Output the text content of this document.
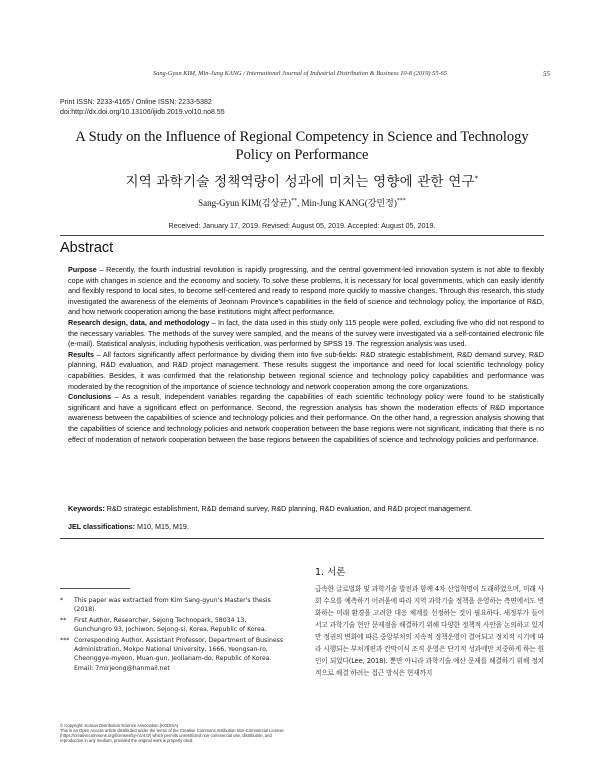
Sang-Gyun KIM, Min-Jung KANG / International Journal of Industrial Distribution & Business 10-8 (2019) 55-65	55
Print ISSN: 2233-4165 / Online ISSN: 2233-5382
doi:http://dx.doi.org/10.13106/ijidb.2019.vol10.no8.55
A Study on the Influence of Regional Competency in Science and Technology Policy on Performance
지역 과학기술 정책역량이 성과에 미치는 영향에 관한 연구*
Sang-Gyun KIM(김상균)**, Min-Jung KANG(강민정)***
Received: January 17, 2019. Revised: August 05, 2019. Accepted: August 05, 2019.
Abstract

Purpose – Recently, the fourth industrial revolution is rapidly progressing, and the central government-led innovation system is not able to flexibly cope with changes in science and the economy and society. To solve these problems, it is necessary for local governments, which can easily identify and flexibly respond to local sites, to become self-centered and ready to respond more quickly to massive changes. Through this research, this study investigated the awareness of the elements of Jeonnam Province's capabilities in the field of science and technology policy, the importance of R&D, and how network cooperation among the base institutions might affect performance.

Research design, data, and methodology – In fact, the data used in this study only 115 people were polled, excluding five who did not respond to the necessary variables. The methods of the survey were sampled, and the means of the survey were investigated via a self-contained electronic file (e-mail). Statistical analysis, including hypothesis verification, was performed by SPSS 19. The regression analysis was used.

Results – All factors significantly affect performance by dividing them into five sub-fields: R&D strategic establishment, R&D demand survey, R&D planning, R&D evaluation, and R&D project management. These results suggest the importance and need for local scientific technology policy capabilities. Besides, it was confirmed that the relationship between regional science and technology policy capabilities and performance was moderated by the recognition of the importance of science technology and network cooperation among the core organizations.

Conclusions – As a result, independent variables regarding the capabilities of each scientific technology policy were found to be statistically significant and have a significant effect on performance. Second, the regression analysis has shown the moderation effects of R&D importance awareness between the capabilities of science and technology policies and their performance. On the other hand, a regression analysis showing that the capabilities of science and technology policies and network cooperation between the base regions were not significant, indicating that there is no effect of moderation of network cooperation between the base regions between the capabilities of science and technology policies and performance.

Keywords: R&D strategic establishment, R&D demand survey, R&D planning, R&D evaluation, and R&D project management.
JEL classifications: M10, M15, M19.
1. 서론
급속한 글로벌화 및 과학기술 발전과 함께 4차 산업혁명이 도래하였으며, 미래 사회 수요를 예측하기 어려움에 따라 지역 과학기술 정책을 운영하는 측면에서도 변화하는 미래 환경을 고려한 대응 체계를 선정하는 것이 필요하다. 새정부가 들어서고 과학기술 현안 문제점을 해결하기 위해 다양한 정책적 사안을 논의하고 있지만 정권의 변화에 따른 중앙부처의 지속적 정책운영이 결여되고 정치적 시기에 따라 시행되는 부처개편과 칸막이식 조직 운영은 단기적 성과에만 치중하게 하는 원인이 되었다(Lee, 2018). 뿐만 아니라 과학기술 예산 문제를 해결하기 위해 정치적으로 해결 하려는 접근 방식은 현재까지
* This paper was extracted from Kim Sang-gyun's Master's thesis (2018).
** First Author, Researcher, Sejong Technopark, 58034 13, Gunchungro 93, Jochiwon, Sejong-si, Korea, Republic of Korea.
*** Corresponding Author, Assistant Professor, Department of Business Administration, Mokpo National University, 1666, Yeongsan-ro, Cheonggye-myeon, Muan-gun, Jeollanam-do, Republic of Korea. Email: 7mirjeong@hanmail.net
© Copyright: Korean Distribution Science Association (KODISA)
This is an Open Access article distributed under the terms of the Creative Commons Attribution Non-Commercial License (https://creativecommons.org/licenses/by-nc/4.0/) which permits unrestricted non-commercial use, distribution, and reproduction in any medium, provided the original work is properly cited.
